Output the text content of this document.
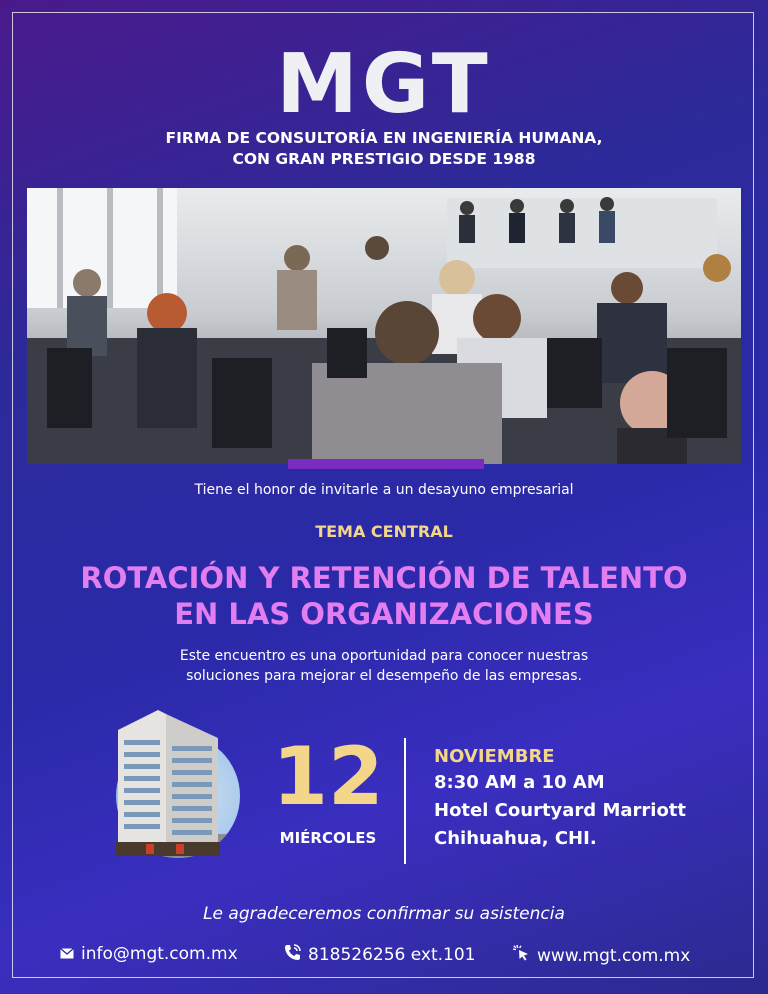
MGT
FIRMA DE CONSULTORÍA EN INGENIERÍA HUMANA,
CON GRAN PRESTIGIO DESDE 1988
Tiene el honor de invitarle a un desayuno empresarial
TEMA CENTRAL
ROTACIÓN Y RETENCIÓN DE TALENTO
EN LAS ORGANIZACIONES
Este encuentro es una oportunidad para conocer nuestras
soluciones para mejorar el desempeño de las empresas.
12
MIÉRCOLES
NOVIEMBRE
8:30 AM a 10 AM
Hotel Courtyard Marriott
Chihuahua, CHI.
Le agradeceremos confirmar su asistencia
info@mgt.com.mx	818526256 ext.101	www.mgt.com.mx
